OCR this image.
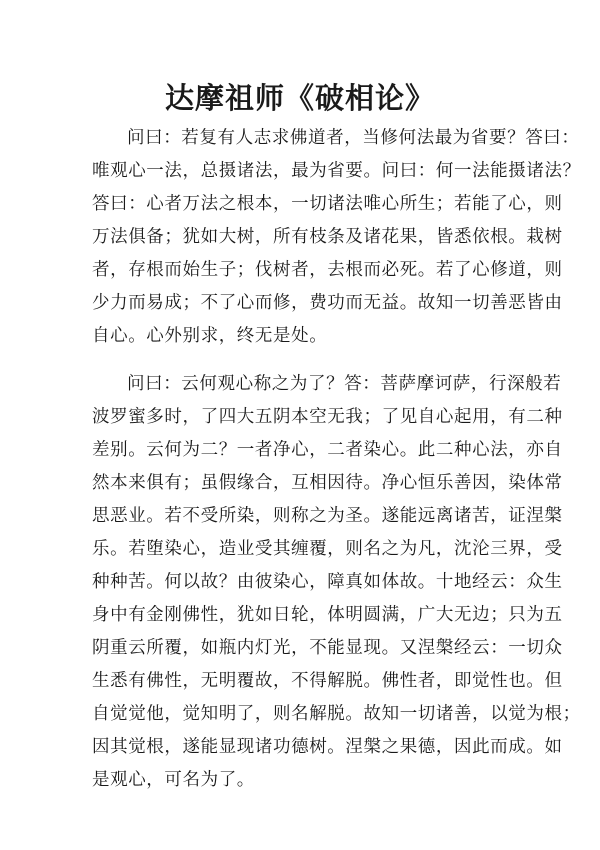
达摩祖师《破相论》
问曰：若复有人志求佛道者，当修何法最为省要？答曰：
唯观心一法，总摄诸法，最为省要。问曰：何一法能摄诸法？
答曰：心者万法之根本，一切诸法唯心所生；若能了心，则
万法俱备；犹如大树，所有枝条及诸花果，皆悉依根。栽树
者，存根而始生子；伐树者，去根而必死。若了心修道，则
少力而易成；不了心而修，费功而无益。故知一切善恶皆由
自心。心外别求，终无是处。
问曰：云何观心称之为了？答：菩萨摩诃萨，行深般若
波罗蜜多时，了四大五阴本空无我；了见自心起用，有二种
差别。云何为二？一者净心，二者染心。此二种心法，亦自
然本来俱有；虽假缘合，互相因待。净心恒乐善因，染体常
思恶业。若不受所染，则称之为圣。遂能远离诸苦，证涅槃
乐。若堕染心，造业受其缠覆，则名之为凡，沈沦三界，受
种种苦。何以故？由彼染心，障真如体故。十地经云：众生
身中有金刚佛性，犹如日轮，体明圆满，广大无边；只为五
阴重云所覆，如瓶内灯光，不能显现。又涅槃经云：一切众
生悉有佛性，无明覆故，不得解脱。佛性者，即觉性也。但
自觉觉他，觉知明了，则名解脱。故知一切诸善，以觉为根；
因其觉根，遂能显现诸功德树。涅槃之果德，因此而成。如
是观心，可名为了。
